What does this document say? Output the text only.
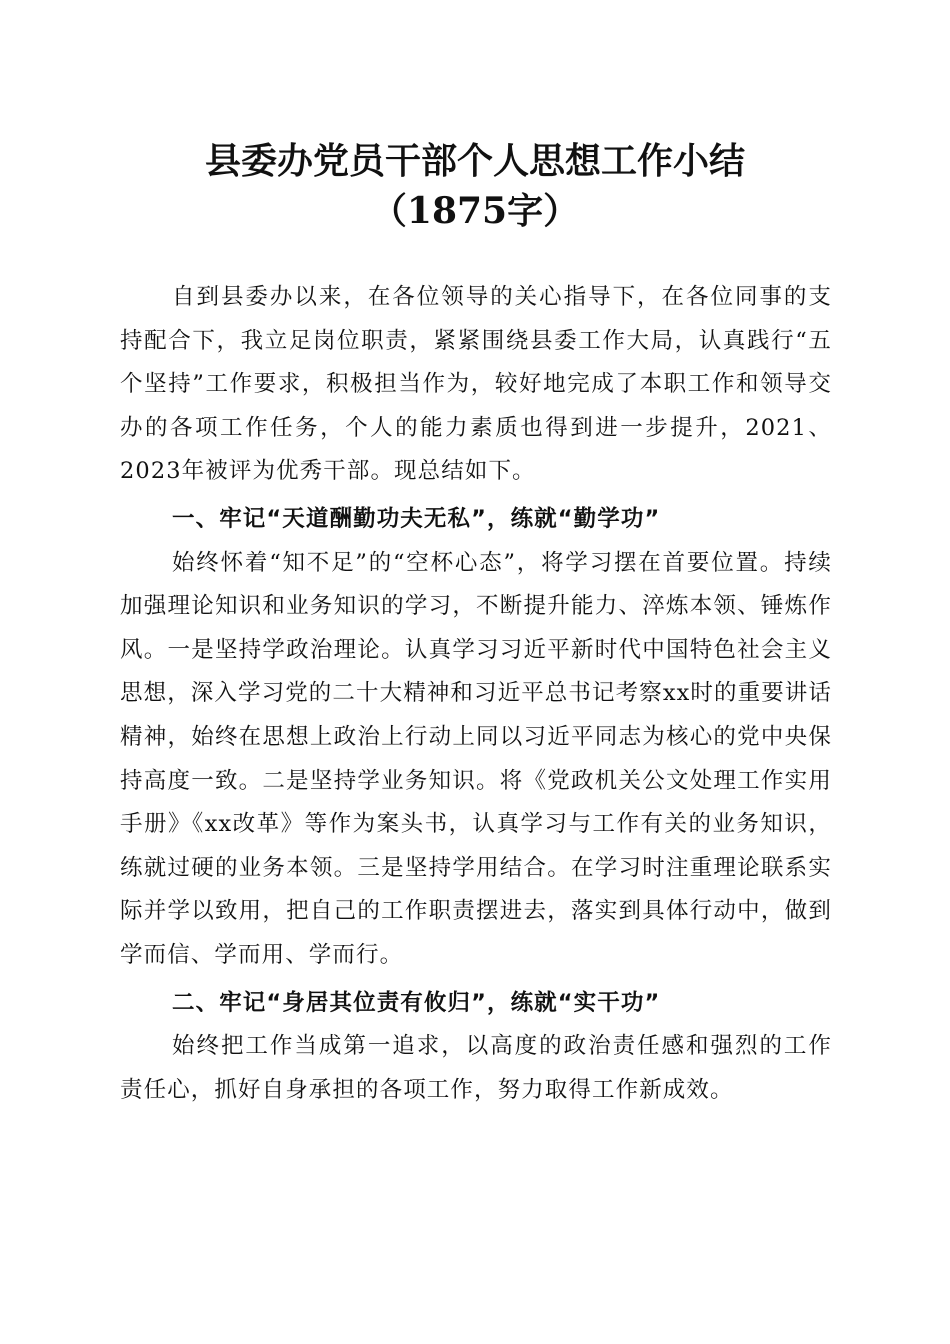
县委办党员干部个人思想工作小结（1875字）

自到县委办以来，在各位领导的关心指导下，在各位同事的支持配合下，我立足岗位职责，紧紧围绕县委工作大局，认真践行“五个坚持”工作要求，积极担当作为，较好地完成了本职工作和领导交办的各项工作任务，个人的能力素质也得到进一步提升，2021、2023年被评为优秀干部。现总结如下。

一、牢记“天道酬勤功夫无私”，练就“勤学功”

始终怀着“知不足”的“空杯心态”，将学习摆在首要位置。持续加强理论知识和业务知识的学习，不断提升能力、淬炼本领、锤炼作风。一是坚持学政治理论。认真学习习近平新时代中国特色社会主义思想，深入学习党的二十大精神和习近平总书记考察xx时的重要讲话精神，始终在思想上政治上行动上同以习近平同志为核心的党中央保持高度一致。二是坚持学业务知识。将《党政机关公文处理工作实用手册》《xx改革》等作为案头书，认真学习与工作有关的业务知识，练就过硬的业务本领。三是坚持学用结合。在学习时注重理论联系实际并学以致用，把自己的工作职责摆进去，落实到具体行动中，做到学而信、学而用、学而行。

二、牢记“身居其位责有攸归”，练就“实干功”

始终把工作当成第一追求，以高度的政治责任感和强烈的工作责任心，抓好自身承担的各项工作，努力取得工作新成效。
